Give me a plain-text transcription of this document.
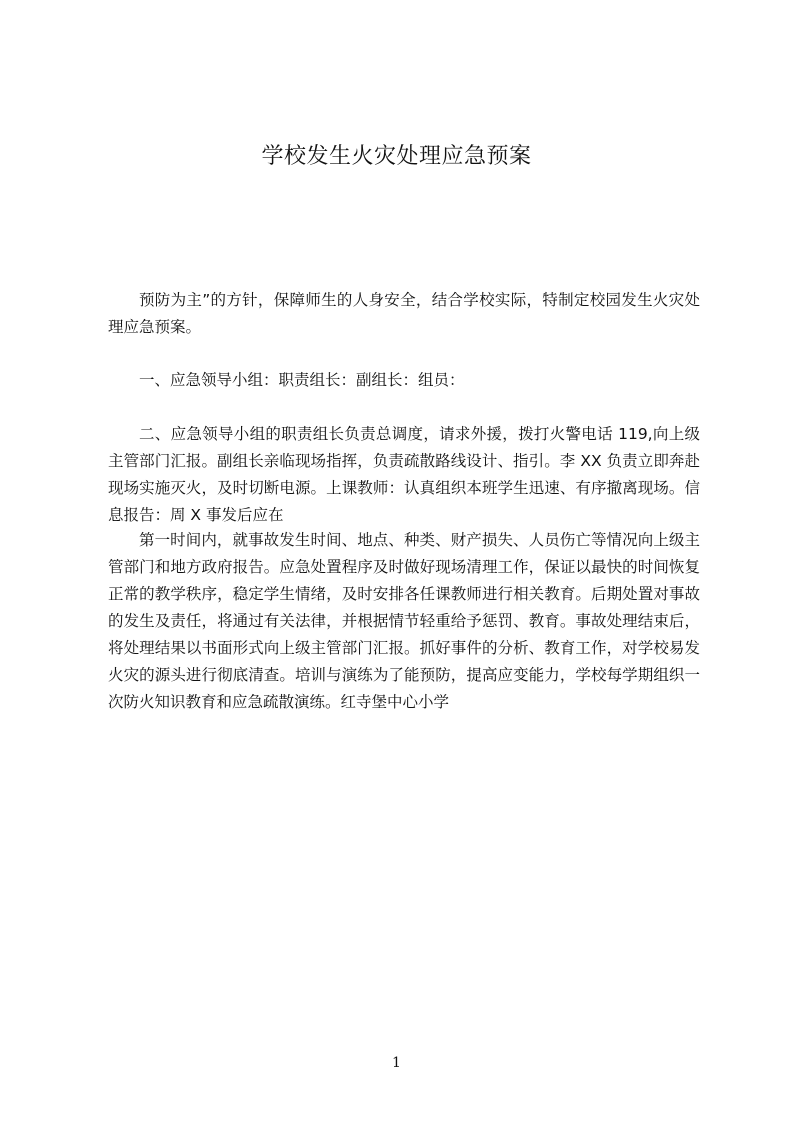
学校发生火灾处理应急预案

预防为主”的方针，保障师生的人身安全，结合学校实际，特制定校园发生火灾处理应急预案。

一、应急领导小组：职责组长：副组长：组员：

二、应急领导小组的职责组长负责总调度，请求外援，拨打火警电话 119,向上级主管部门汇报。副组长亲临现场指挥，负责疏散路线设计、指引。李 XX 负责立即奔赴现场实施灭火，及时切断电源。上课教师：认真组织本班学生迅速、有序撤离现场。信息报告：周 X 事发后应在

第一时间内，就事故发生时间、地点、种类、财产损失、人员伤亡等情况向上级主管部门和地方政府报告。应急处置程序及时做好现场清理工作，保证以最快的时间恢复正常的教学秩序，稳定学生情绪，及时安排各任课教师进行相关教育。后期处置对事故的发生及责任，将通过有关法律，并根据情节轻重给予惩罚、教育。事故处理结束后，将处理结果以书面形式向上级主管部门汇报。抓好事件的分析、教育工作，对学校易发火灾的源头进行彻底清查。培训与演练为了能预防，提高应变能力，学校每学期组织一次防火知识教育和应急疏散演练。红寺堡中心小学

1
